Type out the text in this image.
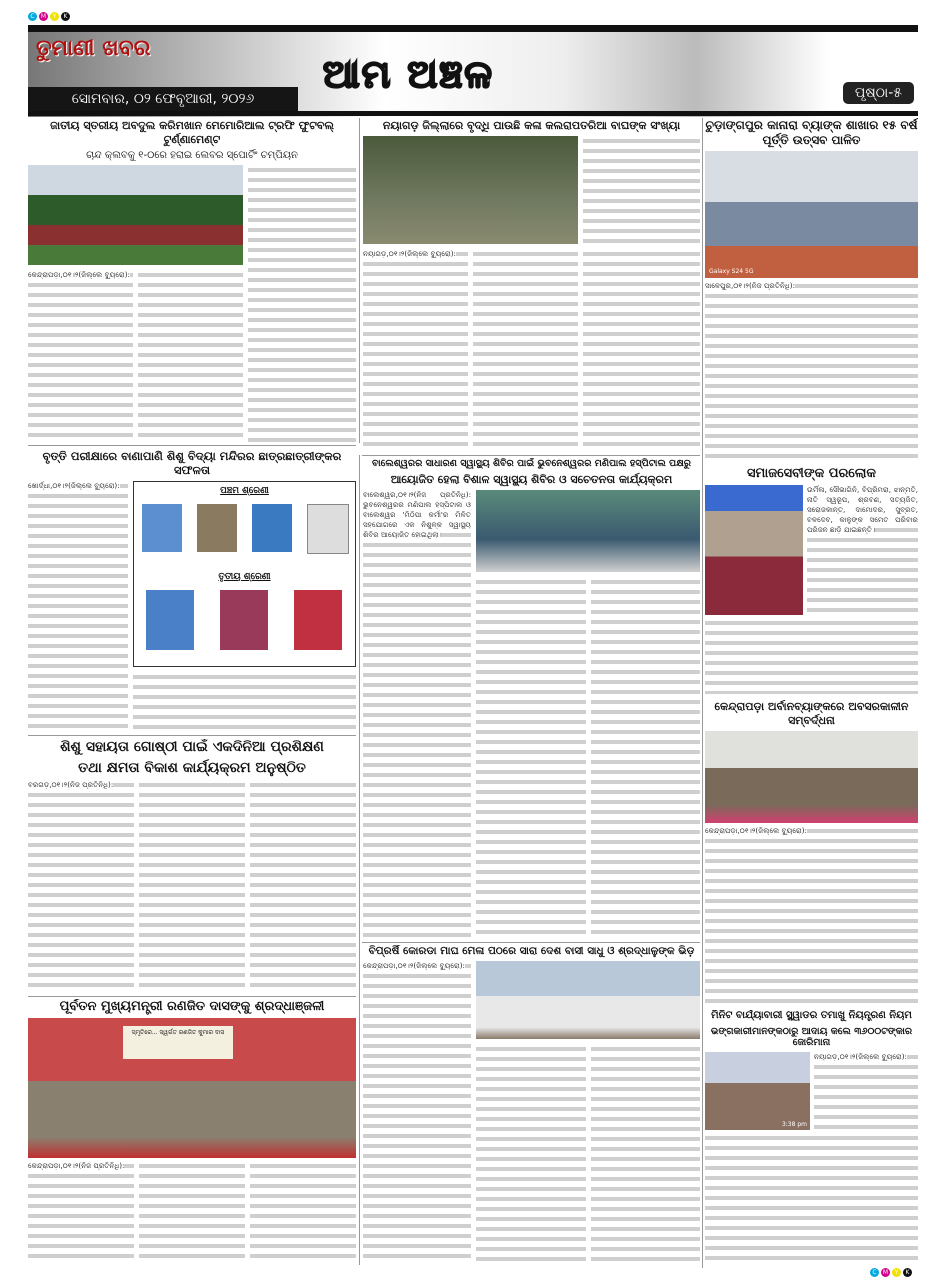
C	M	Y	K
ତୁମାଣୀ ଖବର
ସୋମବାର, ୦୨ ଫେବୃଆରୀ, ୨୦୨୬
ଆମ ଅଞ୍ଚଳ	ପୃଷ୍ଠା-୫
ଜାତୀୟ ସ୍ତରୀୟ ଅବଦୁଲ କରିମଖାନ ମେମୋରିଆଲ ଟ୍ରଫି ଫୁଟବଲ୍ ଟୁର୍ଣ୍ଣାମେଣ୍ଟ
ଚାନ୍ଦ କ୍ଲବକୁ ୧-୦ରେ ହରାଇ ଲେବର ସ୍ପୋର୍ଟିଂ ଚମ୍ପିୟନ
କେନ୍ଦ୍ରାପଡ଼ା,୦୧।୨(ଜିଲ୍ଲେ ବ୍ୟୁରୋ):
ନୟାଗଡ଼ ଜିଲ୍ଲାରେ ବୃଦ୍ଧି ପାଉଛି କଳା କଲରାପତରିଆ ବାଘଙ୍କ ସଂଖ୍ୟା
ନୟାଗଡ଼,୦୧।୨(ଜିଲ୍ଲେ ବ୍ୟୁରୋ):
ଚୁଡ଼ାଙ୍ଗପୁର କାନାରା ବ୍ୟାଙ୍କ ଶାଖାର ୧୫ ବର୍ଷ ପୂର୍ତ୍ତି ଉତ୍ସବ ପାଳିତ
Galaxy S24 5G
ସାଳେପୁର,୦୧।୨(ନିଜ ପ୍ରତିନିଧି):
ବୃତ୍ତି ପରୀକ୍ଷାରେ ବାଣାପାଣି ଶିଶୁ ବିଦ୍ୟା ମନ୍ଦିରର ଛାତ୍ରଛାତ୍ରୀଙ୍କର ସଫଳତା
ଖୋର୍ଦ୍ଧା,୦୧।୨(ଜିଲ୍ଲେ ବ୍ୟୁରୋ):
ପଞ୍ଚମ ଶ୍ରେଣୀ
ତୃତୀୟ ଶ୍ରେଣୀ
ବାଲେଶ୍ୱରର ସାଧାରଣ ସ୍ୱାସ୍ଥ୍ୟ ଶିବିର ପାଇଁ ଭୁବନେଶ୍ୱରର ମଣିପାଲ ହସ୍ପିଟାଲ ପକ୍ଷରୁ
ଆୟୋଜିତ ହେଲା ବିଶାଳ ସ୍ୱାସ୍ଥ୍ୟ ଶିବିର ଓ ସଚେତନତା କାର୍ଯ୍ୟକ୍ରମ
ବାଲେଶ୍ୱର,୦୧।୨(ନିଜ ପ୍ରତିନିଧି): ଭୁବନେଶ୍ୱରର ମଣିପାଲ ହସ୍ପିଟାଲ ଓ ବାଲେଶ୍ୱର 'ମିଠିପା କର୍ମୀ'ର ମିଳିତ ସହଯୋଗରେ ଏକ ନିଶୁଳ୍କ ସ୍ୱାସ୍ଥ୍ୟ ଶିବିର ଆୟୋଜିତ ହୋଇଥିଲା।
ସମାଜସେବୀଙ୍କ ପରଲୋକ
ଉର୍ମିଳା, ସୌଭାଗିନି, ବିପ୍ରିମରା, ଝାନ୍ମତି, ନାତି ସ୍ୱରୂପ, ଶ୍ରବଣ, ସତ୍ୟଜିତ, ସରୋଜକାନ୍ତ, ଦାମୋଦର, ସୁବ୍ରତ, ବଳଦେବ, କାଳୁଙ୍କ ସମେତ ପରିବାର ପରିଜନ ଛାଡ଼ି ଯାଇଛନ୍ତି।
ଶିଶୁ ସହାୟତା ଗୋଷ୍ଠୀ ପାଇଁ ଏକଦିନିଆ ପ୍ରଶିକ୍ଷଣ
ତଥା କ୍ଷମତା ବିକାଶ କାର୍ଯ୍ୟକ୍ରମ ଅନୁଷ୍ଠିତ
ବରଗଡ଼,୦୧।୨(ନିଜ ପ୍ରତିନିଧି):
କେନ୍ଦ୍ରାପଡ଼ା ଅର୍ବାନବ୍ୟାଙ୍କରେ ଅବସରକାଳୀନ ସମ୍ବର୍ଦ୍ଧନା
କେନ୍ଦ୍ରାପଡ଼ା,୦୧।୨(ଜିଲ୍ଲେ ବ୍ୟୁରୋ):
ବିପ୍ରର୍ଷି କୋରଡା ମାଘ ମେଳା ପଠରେ ସାରା ଦେଶ ବାସୀ ସାଧୁ ଓ ଶ୍ରଦ୍ଧାଳୁଙ୍କ ଭିଡ଼
କେନ୍ଦ୍ରାପଡ଼ା,୦୧।୨(ଜିଲ୍ଲେ ବ୍ୟୁରୋ):
ପୂର୍ବତନ ମୁଖ୍ୟମନ୍ତ୍ରୀ ରଣଜିତ ଦାସଙ୍କୁ ଶ୍ରଦ୍ଧାଞ୍ଜଳୀ
ସ୍ମୃତିରେ... ସ୍ୱର୍ଗତ ରଣଜିତ କୁମାର ଦାସ
କେନ୍ଦ୍ରାପଡ଼ା,୦୧।୨(ନିଜ ପ୍ରତିନିଧି):
ମିନିଟ ବାର୍ଯ୍ୟାବାରୀ ସ୍କ୍ୱାଡର ତମାଖୁ ନିୟନ୍ତ୍ରଣ ନିୟମ
ଭଙ୍ଗକାରୀମାନଙ୍କଠାରୁ ଆଦାୟ କଲେ ୩୬୦୦ଟଙ୍କାର ଜୋରିମାନା
3:38 pm
ନୟାଗଡ଼,୦୧।୨(ଜିଲ୍ଲେ ବ୍ୟୁରୋ):
C	M	Y	K
